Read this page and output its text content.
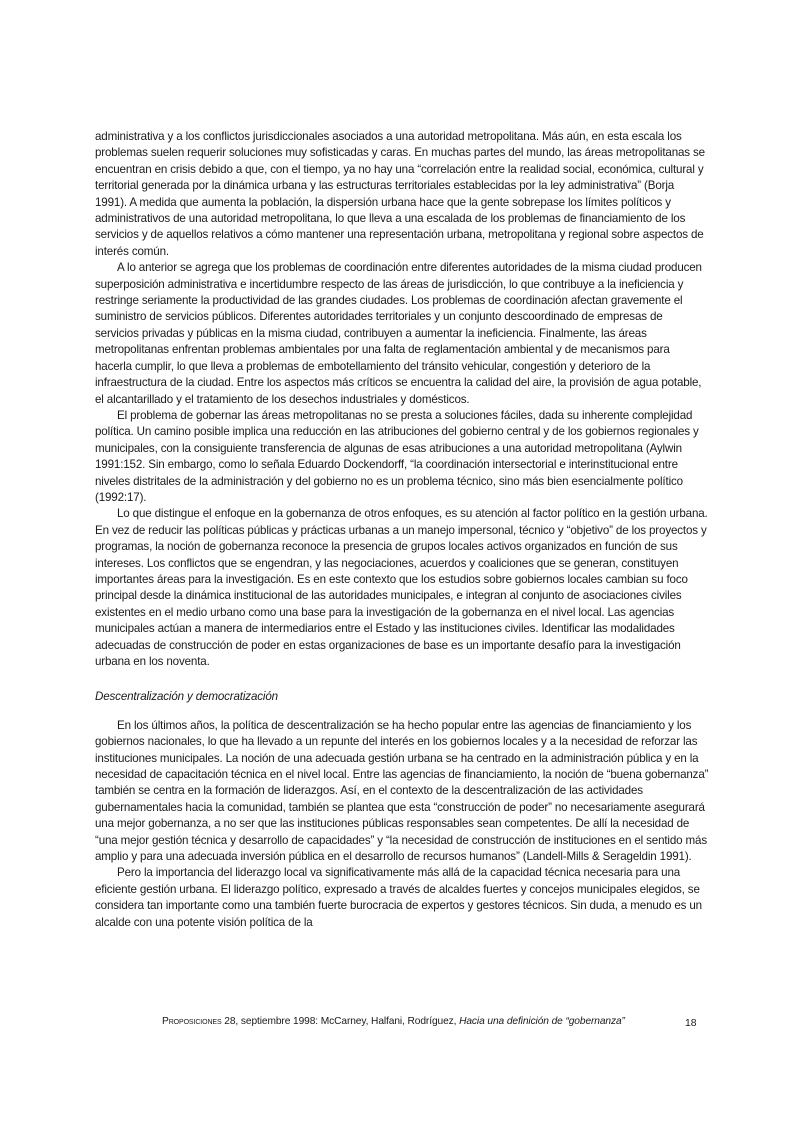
administrativa y a los conflictos jurisdiccionales asociados a una autoridad metropolitana. Más aún, en esta escala los problemas suelen requerir soluciones muy sofisticadas y caras. En muchas partes del mundo, las áreas metropolitanas se encuentran en crisis debido a que, con el tiempo, ya no hay una “correlación entre la realidad social, económica, cultural y territorial generada por la dinámica urbana y las estructuras territoriales establecidas por la ley administrativa” (Borja 1991). A medida que aumenta la población, la dispersión urbana hace que la gente sobrepase los límites políticos y administrativos de una autoridad metropolitana, lo que lleva a una escalada de los problemas de financiamiento de los servicios y de aquellos relativos a cómo mantener una representación urbana, metropolitana y regional sobre aspectos de interés común.

A lo anterior se agrega que los problemas de coordinación entre diferentes autoridades de la misma ciudad producen superposición administrativa e incertidumbre respecto de las áreas de jurisdicción, lo que contribuye a la ineficiencia y restringe seriamente la productividad de las grandes ciudades. Los problemas de coordinación afectan gravemente el suministro de servicios públicos. Diferentes autoridades territoriales y un conjunto descoordinado de empresas de servicios privadas y públicas en la misma ciudad, contribuyen a aumentar la ineficiencia. Finalmente, las áreas metropolitanas enfrentan problemas ambientales por una falta de reglamentación ambiental y de mecanismos para hacerla cumplir, lo que lleva a problemas de embotellamiento del tránsito vehicular, congestión y deterioro de la infraestructura de la ciudad. Entre los aspectos más críticos se encuentra la calidad del aire, la provisión de agua potable, el alcantarillado y el tratamiento de los desechos industriales y domésticos.

El problema de gobernar las áreas metropolitanas no se presta a soluciones fáciles, dada su inherente complejidad política. Un camino posible implica una reducción en las atribuciones del gobierno central y de los gobiernos regionales y municipales, con la consiguiente transferencia de algunas de esas atribuciones a una autoridad metropolitana (Aylwin 1991:152. Sin embargo, como lo señala Eduardo Dockendorff, “la coordinación intersectorial e interinstitucional entre niveles distritales de la administración y del gobierno no es un problema técnico, sino más bien esencialmente político (1992:17).

Lo que distingue el enfoque en la gobernanza de otros enfoques, es su atención al factor político en la gestión urbana. En vez de reducir las políticas públicas y prácticas urbanas a un manejo impersonal, técnico y “objetivo” de los proyectos y programas, la noción de gobernanza reconoce la presencia de grupos locales activos organizados en función de sus intereses. Los conflictos que se engendran, y las negociaciones, acuerdos y coaliciones que se generan, constituyen importantes áreas para la investigación. Es en este contexto que los estudios sobre gobiernos locales cambian su foco principal desde la dinámica institucional de las autoridades municipales, e integran al conjunto de asociaciones civiles existentes en el medio urbano como una base para la investigación de la gobernanza en el nivel local. Las agencias municipales actúan a manera de intermediarios entre el Estado y las instituciones civiles. Identificar las modalidades adecuadas de construcción de poder en estas organizaciones de base es un importante desafío para la investigación urbana en los noventa.

Descentralización y democratización

En los últimos años, la política de descentralización se ha hecho popular entre las agencias de financiamiento y los gobiernos nacionales, lo que ha llevado a un repunte del interés en los gobiernos locales y a la necesidad de reforzar las instituciones municipales. La noción de una adecuada gestión urbana se ha centrado en la administración pública y en la necesidad de capacitación técnica en el nivel local. Entre las agencias de financiamiento, la noción de “buena gobernanza” también se centra en la formación de liderazgos. Así, en el contexto de la descentralización de las actividades gubernamentales hacia la comunidad, también se plantea que esta “construcción de poder” no necesariamente asegurará una mejor gobernanza, a no ser que las instituciones públicas responsables sean competentes. De allí la necesidad de “una mejor gestión técnica y desarrollo de capacidades” y “la necesidad de construcción de instituciones en el sentido más amplio y para una adecuada inversión pública en el desarrollo de recursos humanos” (Landell-Mills & Serageldin 1991).

Pero la importancia del liderazgo local va significativamente más allá de la capacidad técnica necesaria para una eficiente gestión urbana. El liderazgo político, expresado a través de alcaldes fuertes y concejos municipales elegidos, se considera tan importante como una también fuerte burocracia de expertos y gestores técnicos. Sin duda, a menudo es un alcalde con una potente visión política de la

Proposiciones 28, septiembre 1998: McCarney, Halfani, Rodríguez, Hacia una definición de “gobernanza”	18
